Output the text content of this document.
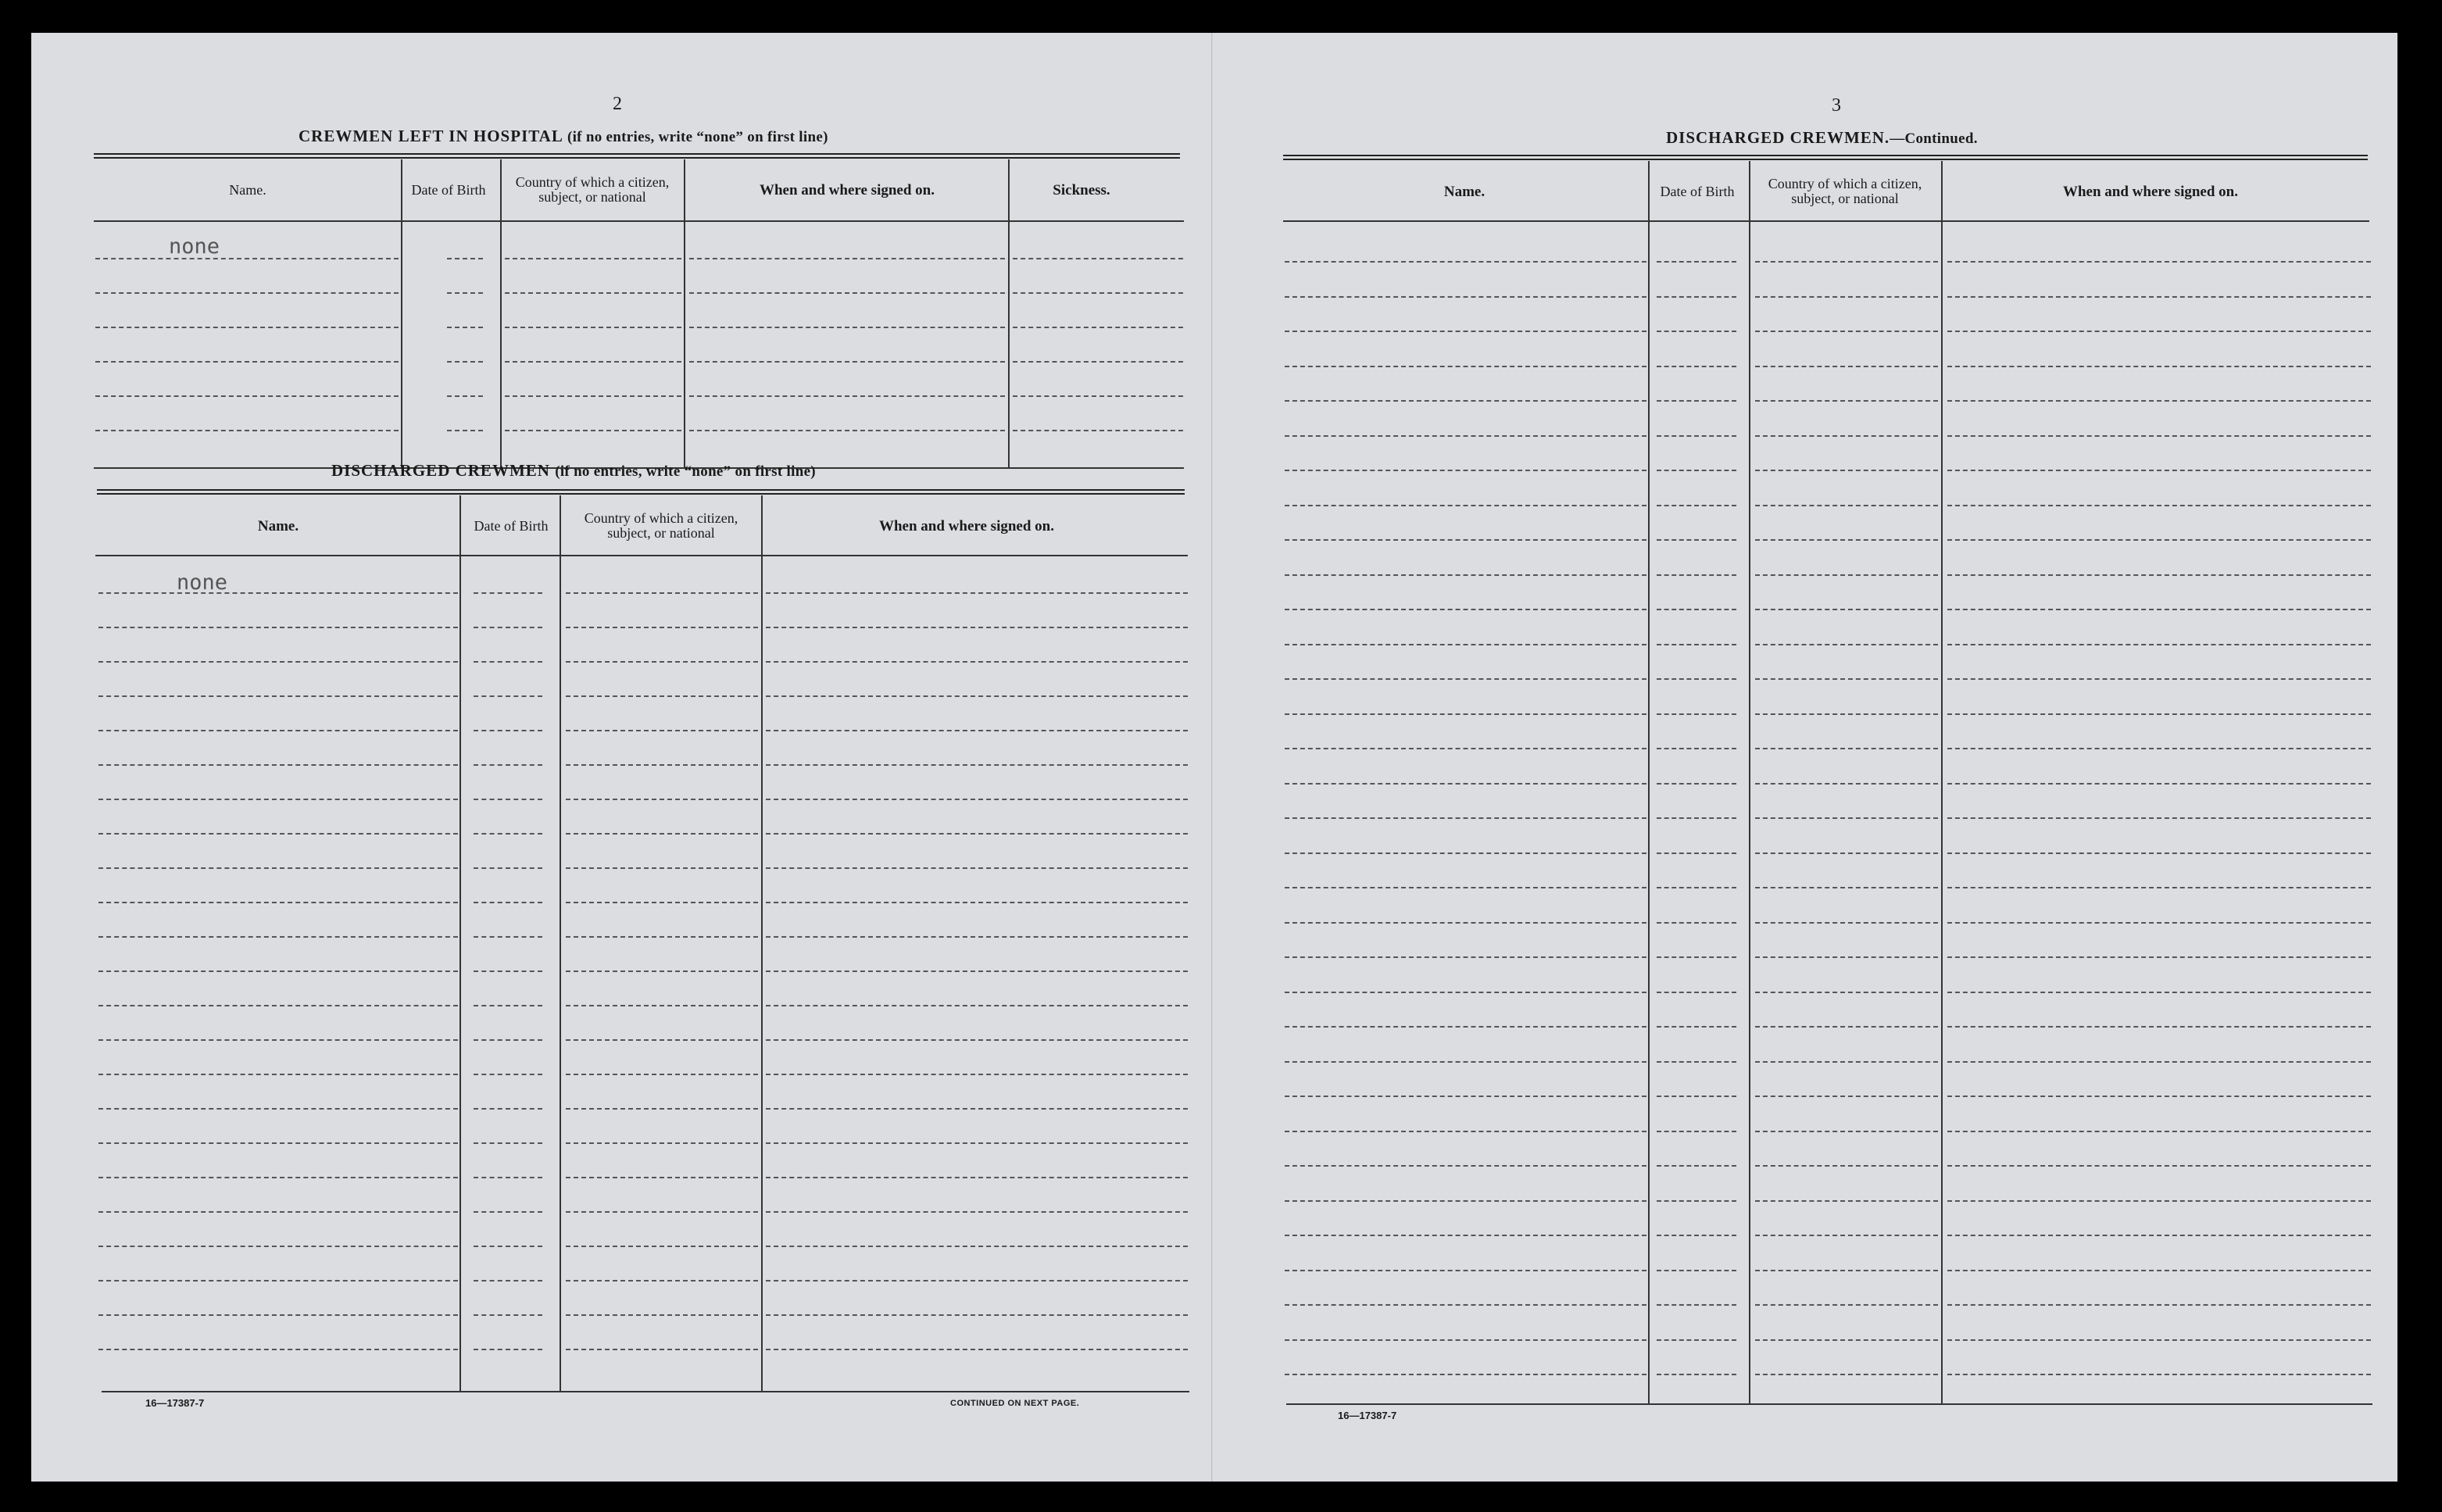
2
CREWMEN LEFT IN HOSPITAL (if no entries, write “none” on first line)
Name.	Date of Birth	Country of which a citizen, subject, or national	When and where signed on.	Sickness.
none
DISCHARGED CREWMEN (if no entries, write “none” on first line)
Name.	Date of Birth	Country of which a citizen, subject, or national	When and where signed on.
none
16—17387-7	CONTINUED ON NEXT PAGE.
3
DISCHARGED CREWMEN.—Continued.
Name.	Date of Birth	Country of which a citizen, subject, or national	When and where signed on.
16—17387-7
